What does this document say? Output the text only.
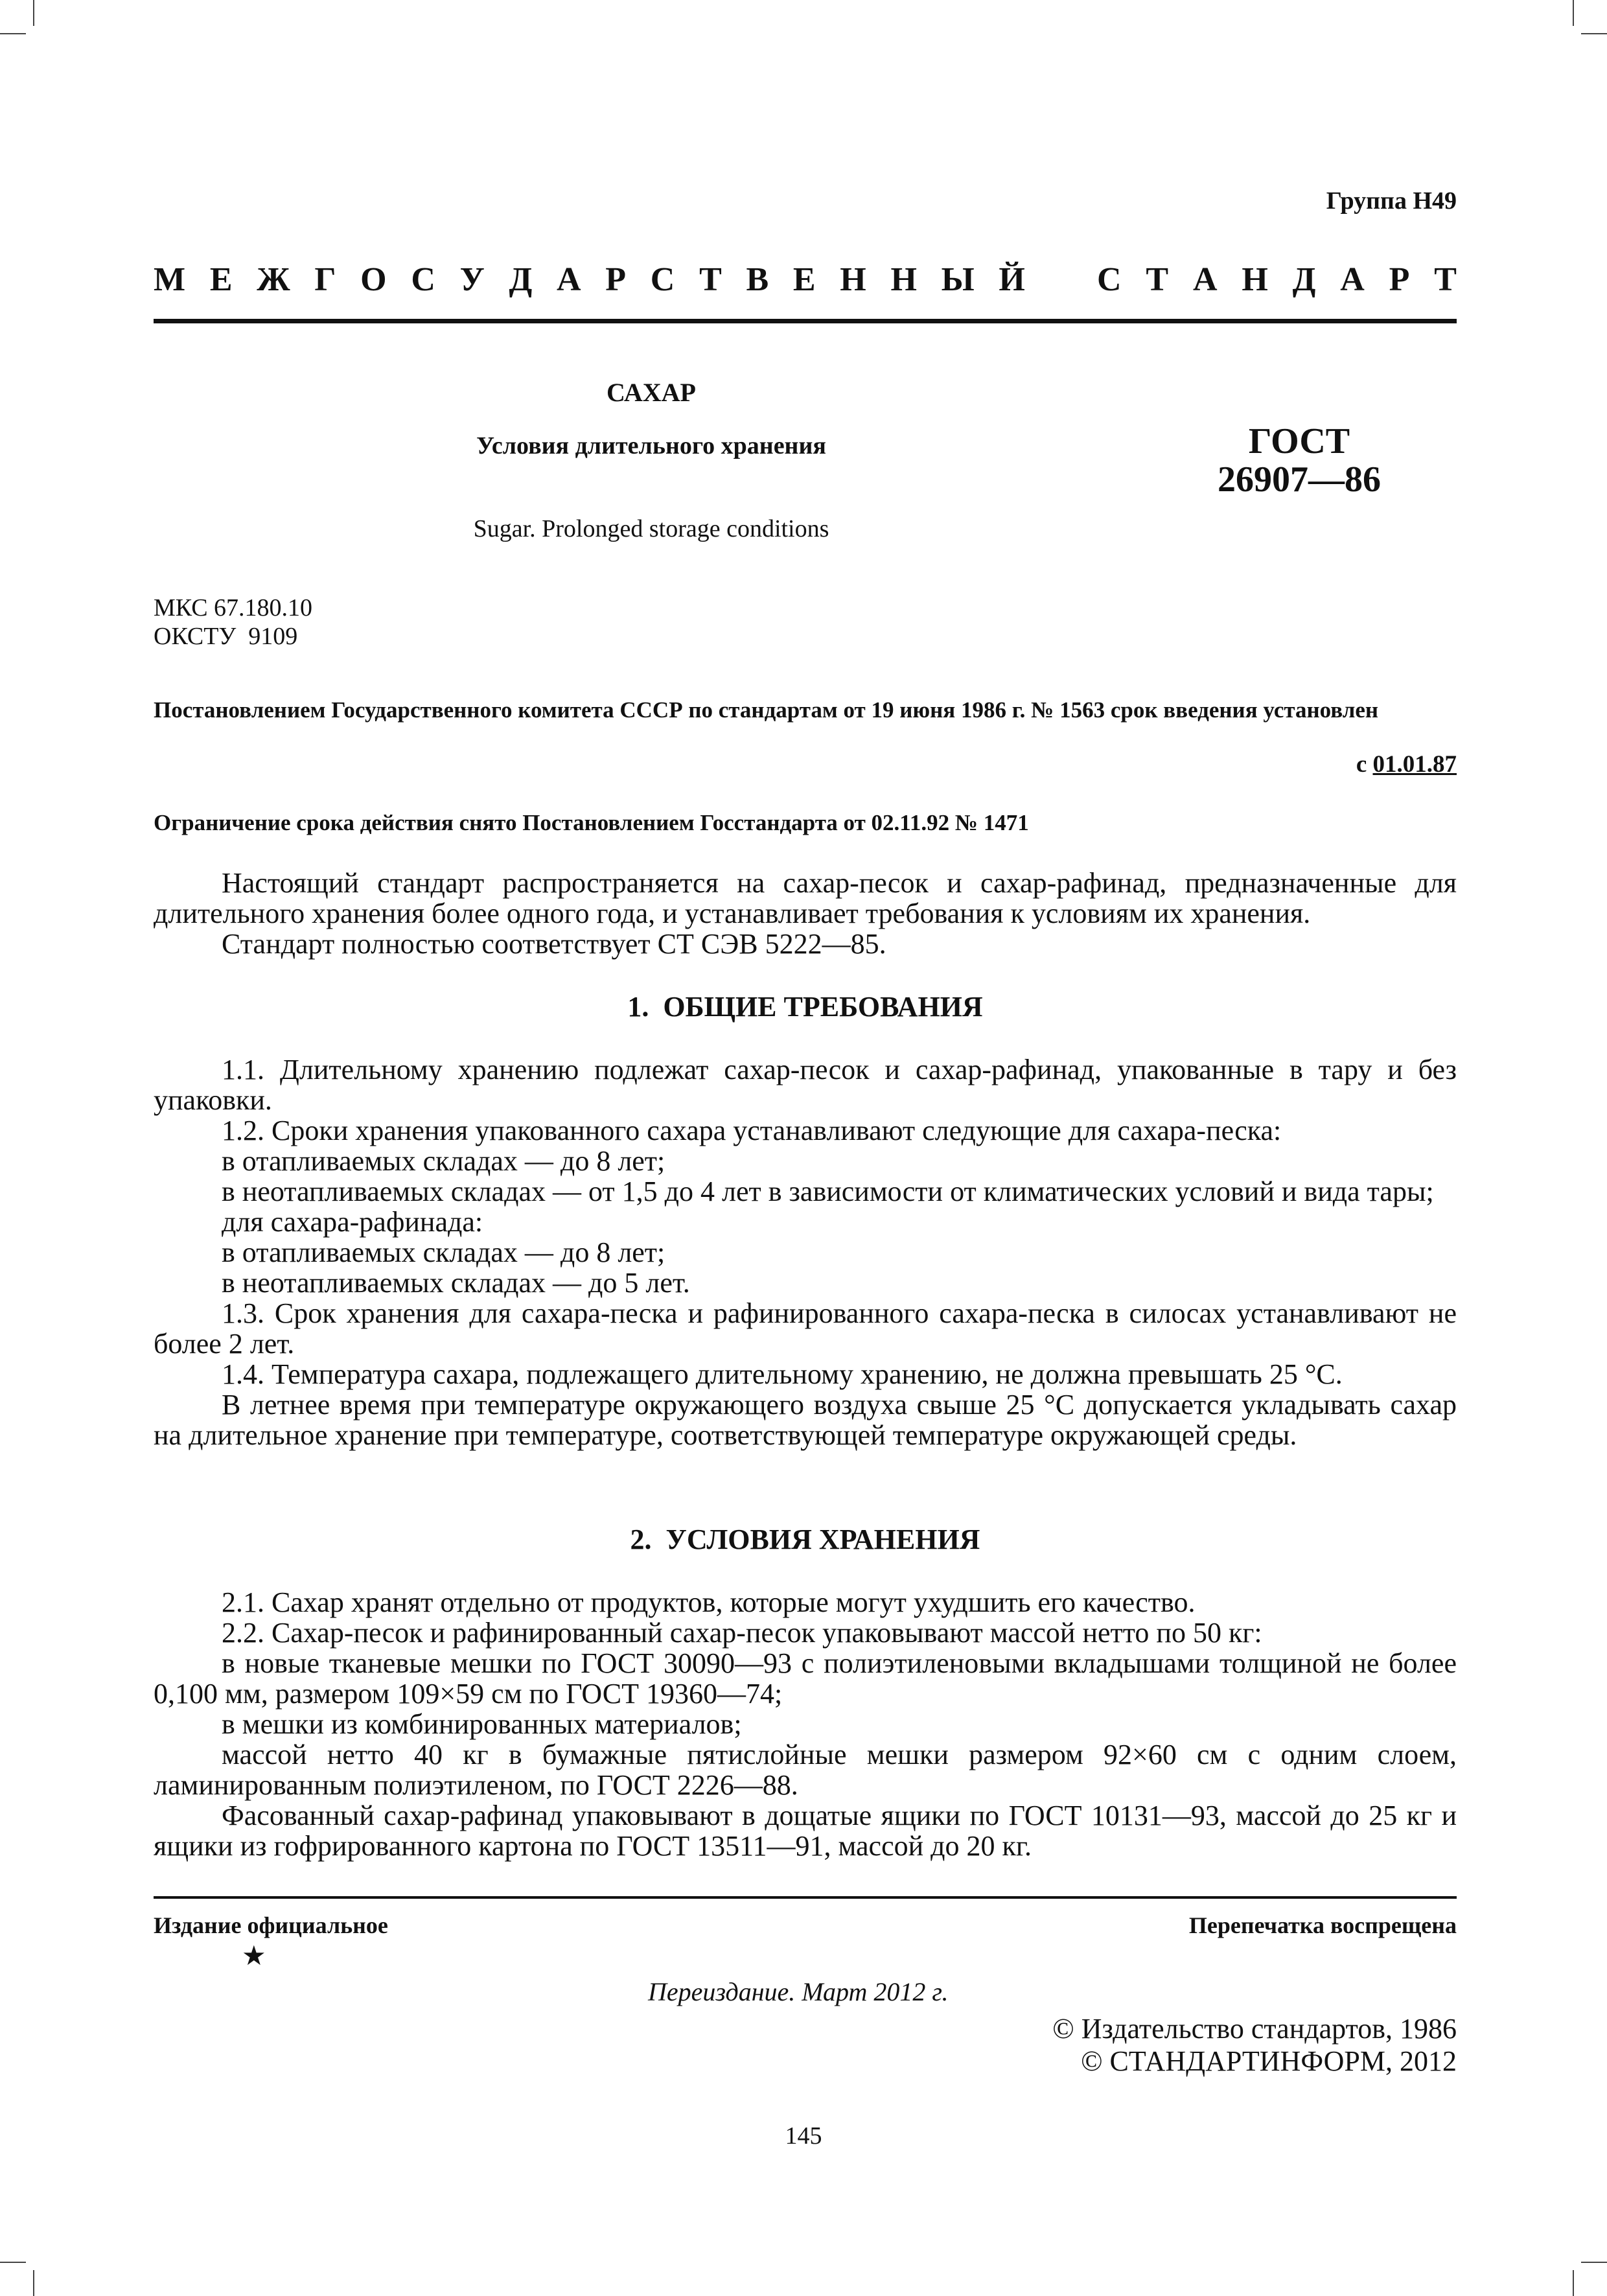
Группа Н49
М Е Ж Г О С У Д А Р С Т В Е Н Н Ы Й С Т А Н Д А Р Т
САХАР
Условия длительного хранения
Sugar. Prolonged storage conditions
ГОСТ
26907—86
МКС 67.180.10
ОКСТУ  9109
Постановлением Государственного комитета СССР по стандартам от 19 июня 1986 г. № 1563 срок введения установлен
с 01.01.87
Ограничение срока действия снято Постановлением Госстандарта от 02.11.92 № 1471

Настоящий стандарт распространяется на сахар-песок и сахар-рафинад, предназначенные для длительного хранения более одного года, и устанавливает требования к условиям их хранения.

Стандарт полностью соответствует СТ СЭВ 5222—85.

1.  ОБЩИЕ ТРЕБОВАНИЯ

1.1. Длительному хранению подлежат сахар-песок и сахар-рафинад, упакованные в тару и без упаковки.

1.2. Сроки хранения упакованного сахара устанавливают следующие для сахара-песка:

в отапливаемых складах — до 8 лет;

в неотапливаемых складах — от 1,5 до 4 лет в зависимости от климатических условий и вида тары;

для сахара-рафинада:

в отапливаемых складах — до 8 лет;

в неотапливаемых складах — до 5 лет.

1.3. Срок хранения для сахара-песка и рафинированного сахара-песка в силосах устанавливают не более 2 лет.

1.4. Температура сахара, подлежащего длительному хранению, не должна превышать 25 °С.

В летнее время при температуре окружающего воздуха свыше 25 °С допускается укладывать сахар на длительное хранение при температуре, соответствующей температуре окружающей среды.

2.  УСЛОВИЯ ХРАНЕНИЯ

2.1. Сахар хранят отдельно от продуктов, которые могут ухудшить его качество.

2.2. Сахар-песок и рафинированный сахар-песок упаковывают массой нетто по 50 кг:

в новые тканевые мешки по ГОСТ 30090—93 с полиэтиленовыми вкладышами толщиной не более 0,100 мм, размером 109×59 см по ГОСТ 19360—74;

в мешки из комбинированных материалов;

массой нетто 40 кг в бумажные пятислойные мешки размером 92×60 см с одним слоем, ламинированным полиэтиленом, по ГОСТ 2226—88.

Фасованный сахар-рафинад упаковывают в дощатые ящики по ГОСТ 10131—93, массой до 25 кг и ящики из гофрированного картона по ГОСТ 13511—91, массой до 20 кг.

Издание официальное
★
Перепечатка воспрещена
Переиздание. Март 2012 г.
© Издательство стандартов, 1986
© СТАНДАРТИНФОРМ, 2012
145
